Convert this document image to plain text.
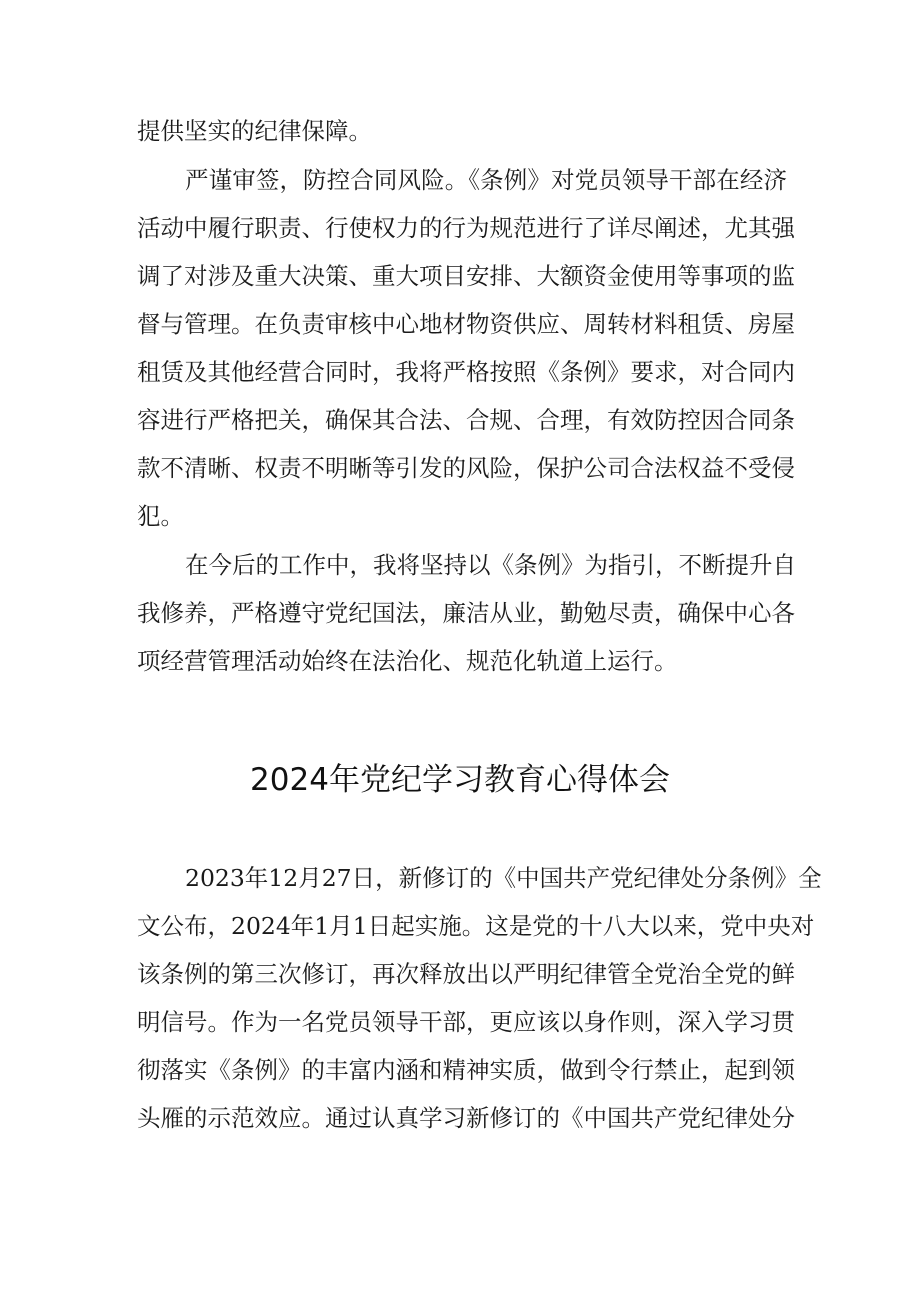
提供坚实的纪律保障。
严谨审签，防控合同风险。《条例》对党员领导干部在经济
活动中履行职责、行使权力的行为规范进行了详尽阐述，尤其强
调了对涉及重大决策、重大项目安排、大额资金使用等事项的监
督与管理。在负责审核中心地材物资供应、周转材料租赁、房屋
租赁及其他经营合同时，我将严格按照《条例》要求，对合同内
容进行严格把关，确保其合法、合规、合理，有效防控因合同条
款不清晰、权责不明晰等引发的风险，保护公司合法权益不受侵
犯。
在今后的工作中，我将坚持以《条例》为指引，不断提升自
我修养，严格遵守党纪国法，廉洁从业，勤勉尽责，确保中心各
项经营管理活动始终在法治化、规范化轨道上运行。
2024年党纪学习教育心得体会
2023年12月27日，新修订的《中国共产党纪律处分条例》全
文公布，2024年1月1日起实施。这是党的十八大以来，党中央对
该条例的第三次修订，再次释放出以严明纪律管全党治全党的鲜
明信号。作为一名党员领导干部，更应该以身作则，深入学习贯
彻落实《条例》的丰富内涵和精神实质，做到令行禁止，起到领
头雁的示范效应。通过认真学习新修订的《中国共产党纪律处分
